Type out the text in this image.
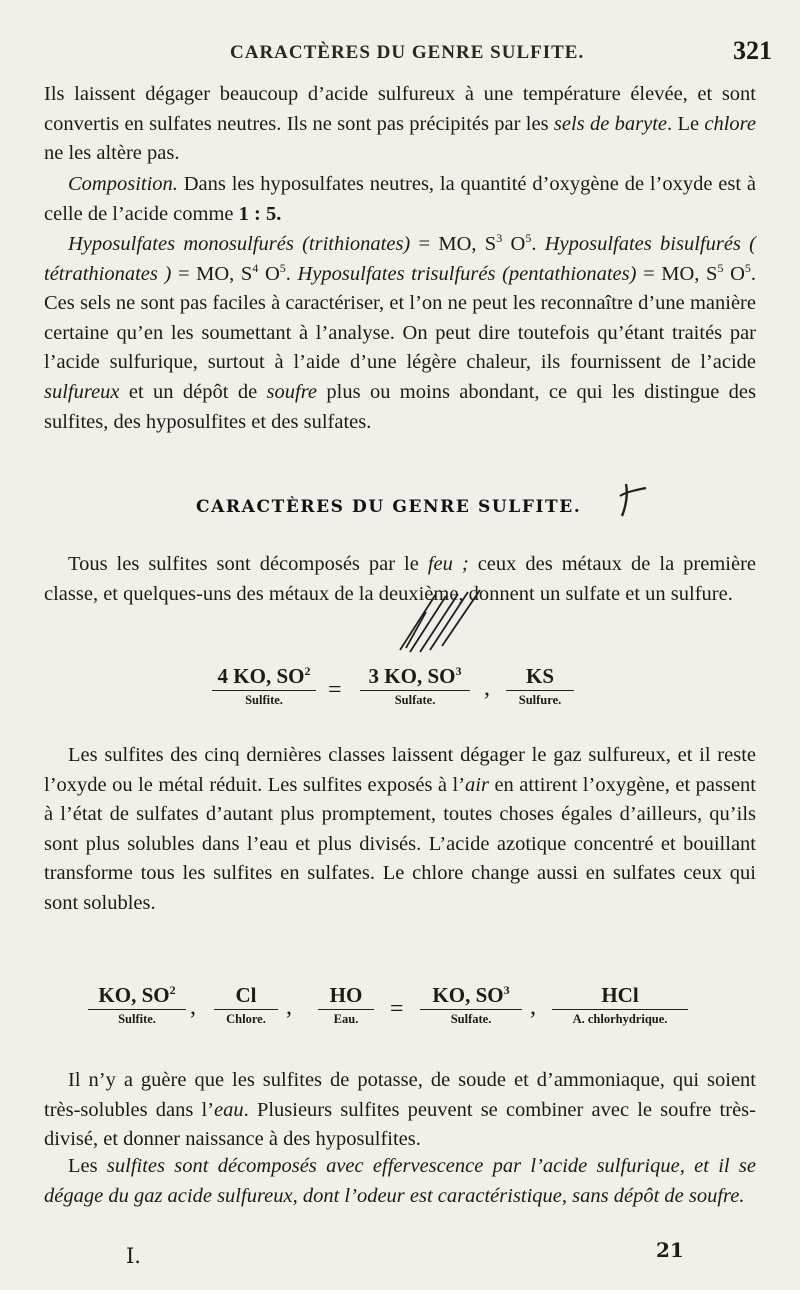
CARACTÈRES DU GENRE SULFITE.	321

Ils laissent dégager beaucoup d’acide sulfureux à une température élevée, et sont convertis en sulfates neutres. Ils ne sont pas précipités par les sels de baryte. Le chlore ne les altère pas.

Composition. Dans les hyposulfates neutres, la quantité d’oxygène de l’oxyde est à celle de l’acide comme 1 : 5.

Hyposulfates monosulfurés (trithionates) = MO, $S^3$ $O^5$. Hyposulfates bisulfurés ( tétrathionates ) = MO, $S^4$ $O^5$. Hyposulfates trisulfurés (pentathionates) = MO, $S^5$ $O^5$. Ces sels ne sont pas faciles à caractériser, et l’on ne peut les reconnaître d’une manière certaine qu’en les soumettant à l’analyse. On peut dire toutefois qu’étant traités par l’acide sulfurique, surtout à l’aide d’une légère chaleur, ils fournissent de l’acide sulfureux et un dépôt de soufre plus ou moins abondant, ce qui les distingue des sulfites, des hyposulfites et des sulfates.

CARACTÈRES DU GENRE SULFITE.

Tous les sulfites sont décomposés par le feu ; ceux des métaux de la première classe, et quelques-uns des métaux de la deuxième, donnent un sulfate et un sulfure.

4 KO, $SO^2$
Sulfite.	=
3 KO, $SO^3$
Sulfate.	,	KS
Sulfure.

Les sulfites des cinq dernières classes laissent dégager le gaz sulfureux, et il reste l’oxyde ou le métal réduit. Les sulfites exposés à l’air en attirent l’oxygène, et passent à l’état de sulfates d’autant plus promptement, toutes choses égales d’ailleurs, qu’ils sont plus solubles dans l’eau et plus divisés. L’acide azotique concentré et bouillant transforme tous les sulfites en sulfates. Le chlore change aussi en sulfates ceux qui sont solubles.

KO, $SO^2$
Sulfite.	,	Cl
Chlore. ,	HO
Eau.	=
KO, $SO^3$
Sulfate.	,	HCl
A. chlorhydrique.

Il n’y a guère que les sulfites de potasse, de soude et d’ammoniaque, qui soient très-solubles dans l’eau. Plusieurs sulfites peuvent se combiner avec le soufre très-divisé, et donner naissance à des hyposulfites.

Les sulfites sont décomposés avec effervescence par l’acide sulfurique, et il se dégage du gaz acide sulfureux, dont l’odeur est caractéristique, sans dépôt de soufre.

I.	21
